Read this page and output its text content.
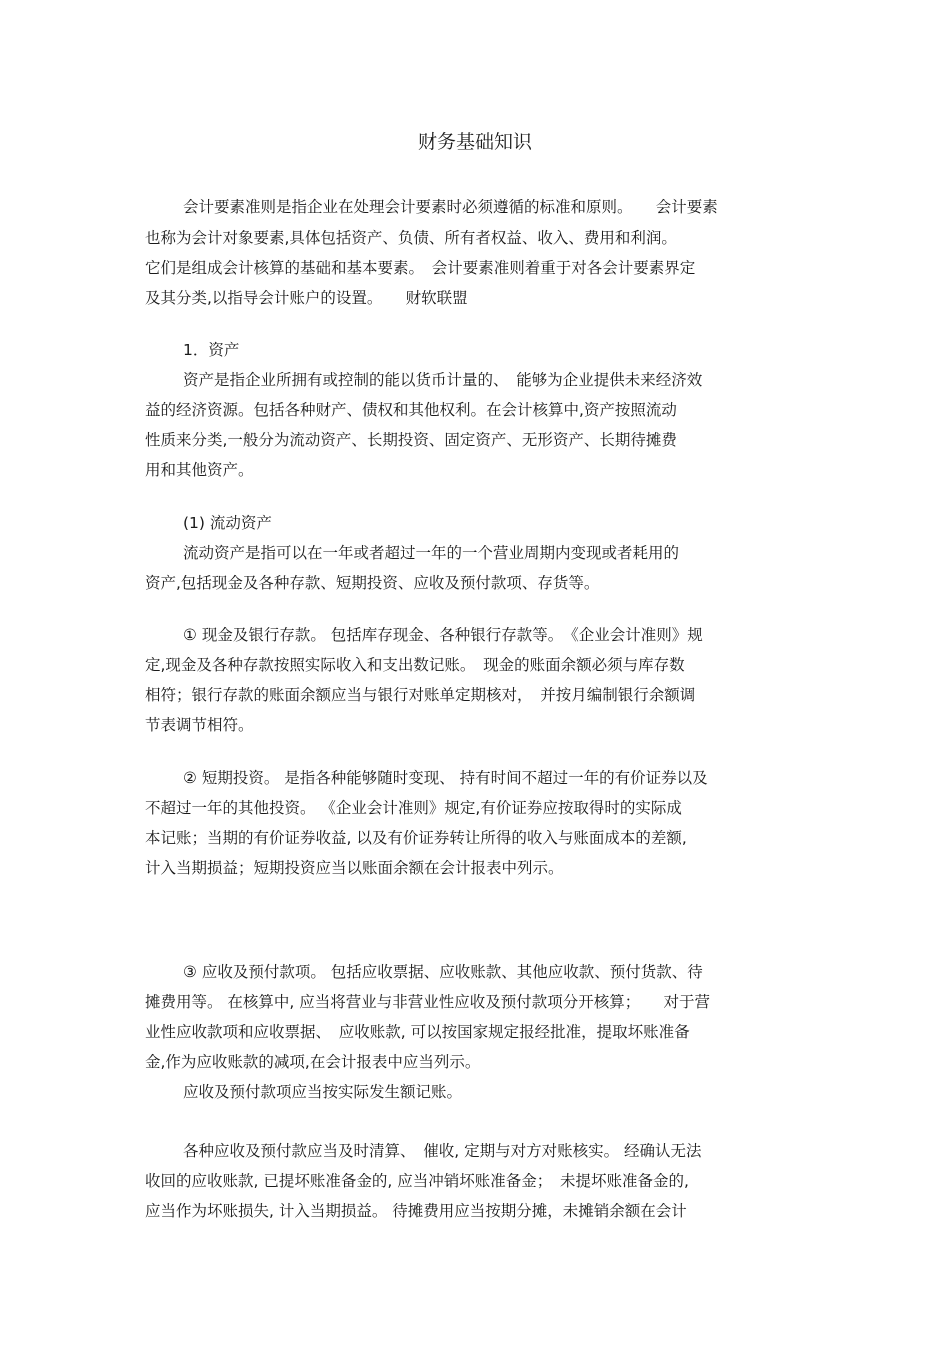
财务基础知识
会计要素准则是指企业在处理会计要素时必须遵循的标准和原则。　　会计要素
也称为会计对象要素,具体包括资产、负债、所有者权益、收入、费用和利润。
它们是组成会计核算的基础和基本要素。　会计要素准则着重于对各会计要素界定
及其分类,以指导会计账户的设置。　　财软联盟
1．资产
资产是指企业所拥有或控制的能以货币计量的、　能够为企业提供未来经济效
益的经济资源。包括各种财产、债权和其他权利。在会计核算中,资产按照流动
性质来分类,一般分为流动资产、长期投资、固定资产、无形资产、长期待摊费
用和其他资产。
(1) 流动资产
流动资产是指可以在一年或者超过一年的一个营业周期内变现或者耗用的
资产,包括现金及各种存款、短期投资、应收及预付款项、存货等。
① 现金及银行存款。 包括库存现金、各种银行存款等。　《企业会计准则》规
定,现金及各种存款按照实际收入和支出数记账。　现金的账面余额必须与库存数
相符；银行存款的账面余额应当与银行对账单定期核对，　并按月编制银行余额调
节表调节相符。
② 短期投资。 是指各种能够随时变现、 持有时间不超过一年的有价证券以及
不超过一年的其他投资。 《企业会计准则》规定,有价证券应按取得时的实际成
本记账；当期的有价证券收益, 以及有价证券转让所得的收入与账面成本的差额,
计入当期损益；短期投资应当以账面余额在会计报表中列示。
③ 应收及预付款项。 包括应收票据、应收账款、其他应收款、预付货款、待
摊费用等。 在核算中, 应当将营业与非营业性应收及预付款项分开核算；　　对于营
业性应收款项和应收票据、　应收账款, 可以按国家规定报经批准，提取坏账准备
金,作为应收账款的减项,在会计报表中应当列示。
应收及预付款项应当按实际发生额记账。
各种应收及预付款应当及时清算、　催收, 定期与对方对账核实。 经确认无法
收回的应收账款, 已提坏账准备金的, 应当冲销坏账准备金；　未提坏账准备金的,
应当作为坏账损失, 计入当期损益。 待摊费用应当按期分摊，未摊销余额在会计
